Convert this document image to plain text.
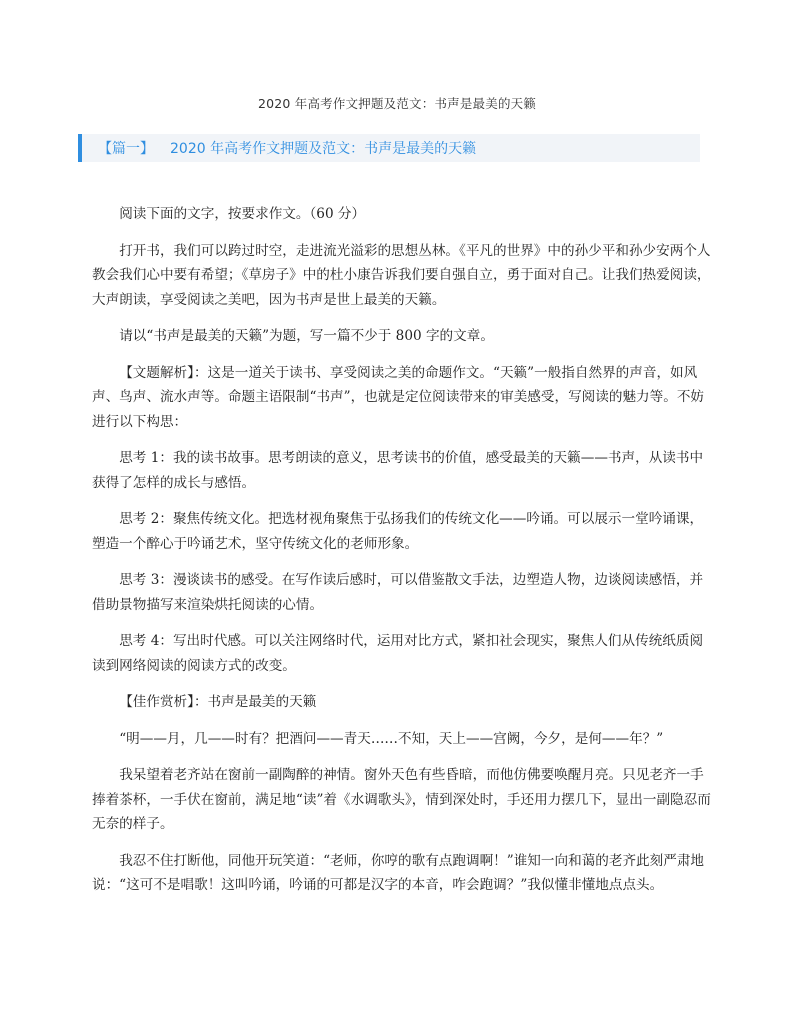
2020 年高考作文押题及范文：书声是最美的天籁
【篇一】 2020 年高考作文押题及范文：书声是最美的天籁

阅读下面的文字，按要求作文。（60 分）

打开书，我们可以跨过时空，走进流光溢彩的思想丛林。《平凡的世界》中的孙少平和孙少安两个人教会我们心中要有希望；《草房子》中的杜小康告诉我们要自强自立，勇于面对自己。让我们热爱阅读，大声朗读，享受阅读之美吧，因为书声是世上最美的天籁。

请以“书声是最美的天籁”为题，写一篇不少于 800 字的文章。

【文题解析】：这是一道关于读书、享受阅读之美的命题作文。“天籁”一般指自然界的声音，如风声、鸟声、流水声等。命题主语限制“书声”，也就是定位阅读带来的审美感受，写阅读的魅力等。不妨进行以下构思：

思考 1：我的读书故事。思考朗读的意义，思考读书的价值，感受最美的天籁——书声，从读书中获得了怎样的成长与感悟。

思考 2：聚焦传统文化。把选材视角聚焦于弘扬我们的传统文化——吟诵。可以展示一堂吟诵课，塑造一个醉心于吟诵艺术，坚守传统文化的老师形象。

思考 3：漫谈读书的感受。在写作读后感时，可以借鉴散文手法，边塑造人物，边谈阅读感悟，并借助景物描写来渲染烘托阅读的心情。

思考 4：写出时代感。可以关注网络时代，运用对比方式，紧扣社会现实，聚焦人们从传统纸质阅读到网络阅读的阅读方式的改变。

【佳作赏析】：书声是最美的天籁

“明——月，几——时有？把酒问——青天……不知，天上——宫阙，今夕，是何——年？”

我呆望着老齐站在窗前一副陶醉的神情。窗外天色有些昏暗，而他仿佛要唤醒月亮。只见老齐一手捧着茶杯，一手伏在窗前，满足地“读”着《水调歌头》，情到深处时，手还用力摆几下，显出一副隐忍而无奈的样子。

我忍不住打断他，同他开玩笑道：“老师，你哼的歌有点跑调啊！”谁知一向和蔼的老齐此刻严肃地说：“这可不是唱歌！这叫吟诵，吟诵的可都是汉字的本音，咋会跑调？”我似懂非懂地点点头。
